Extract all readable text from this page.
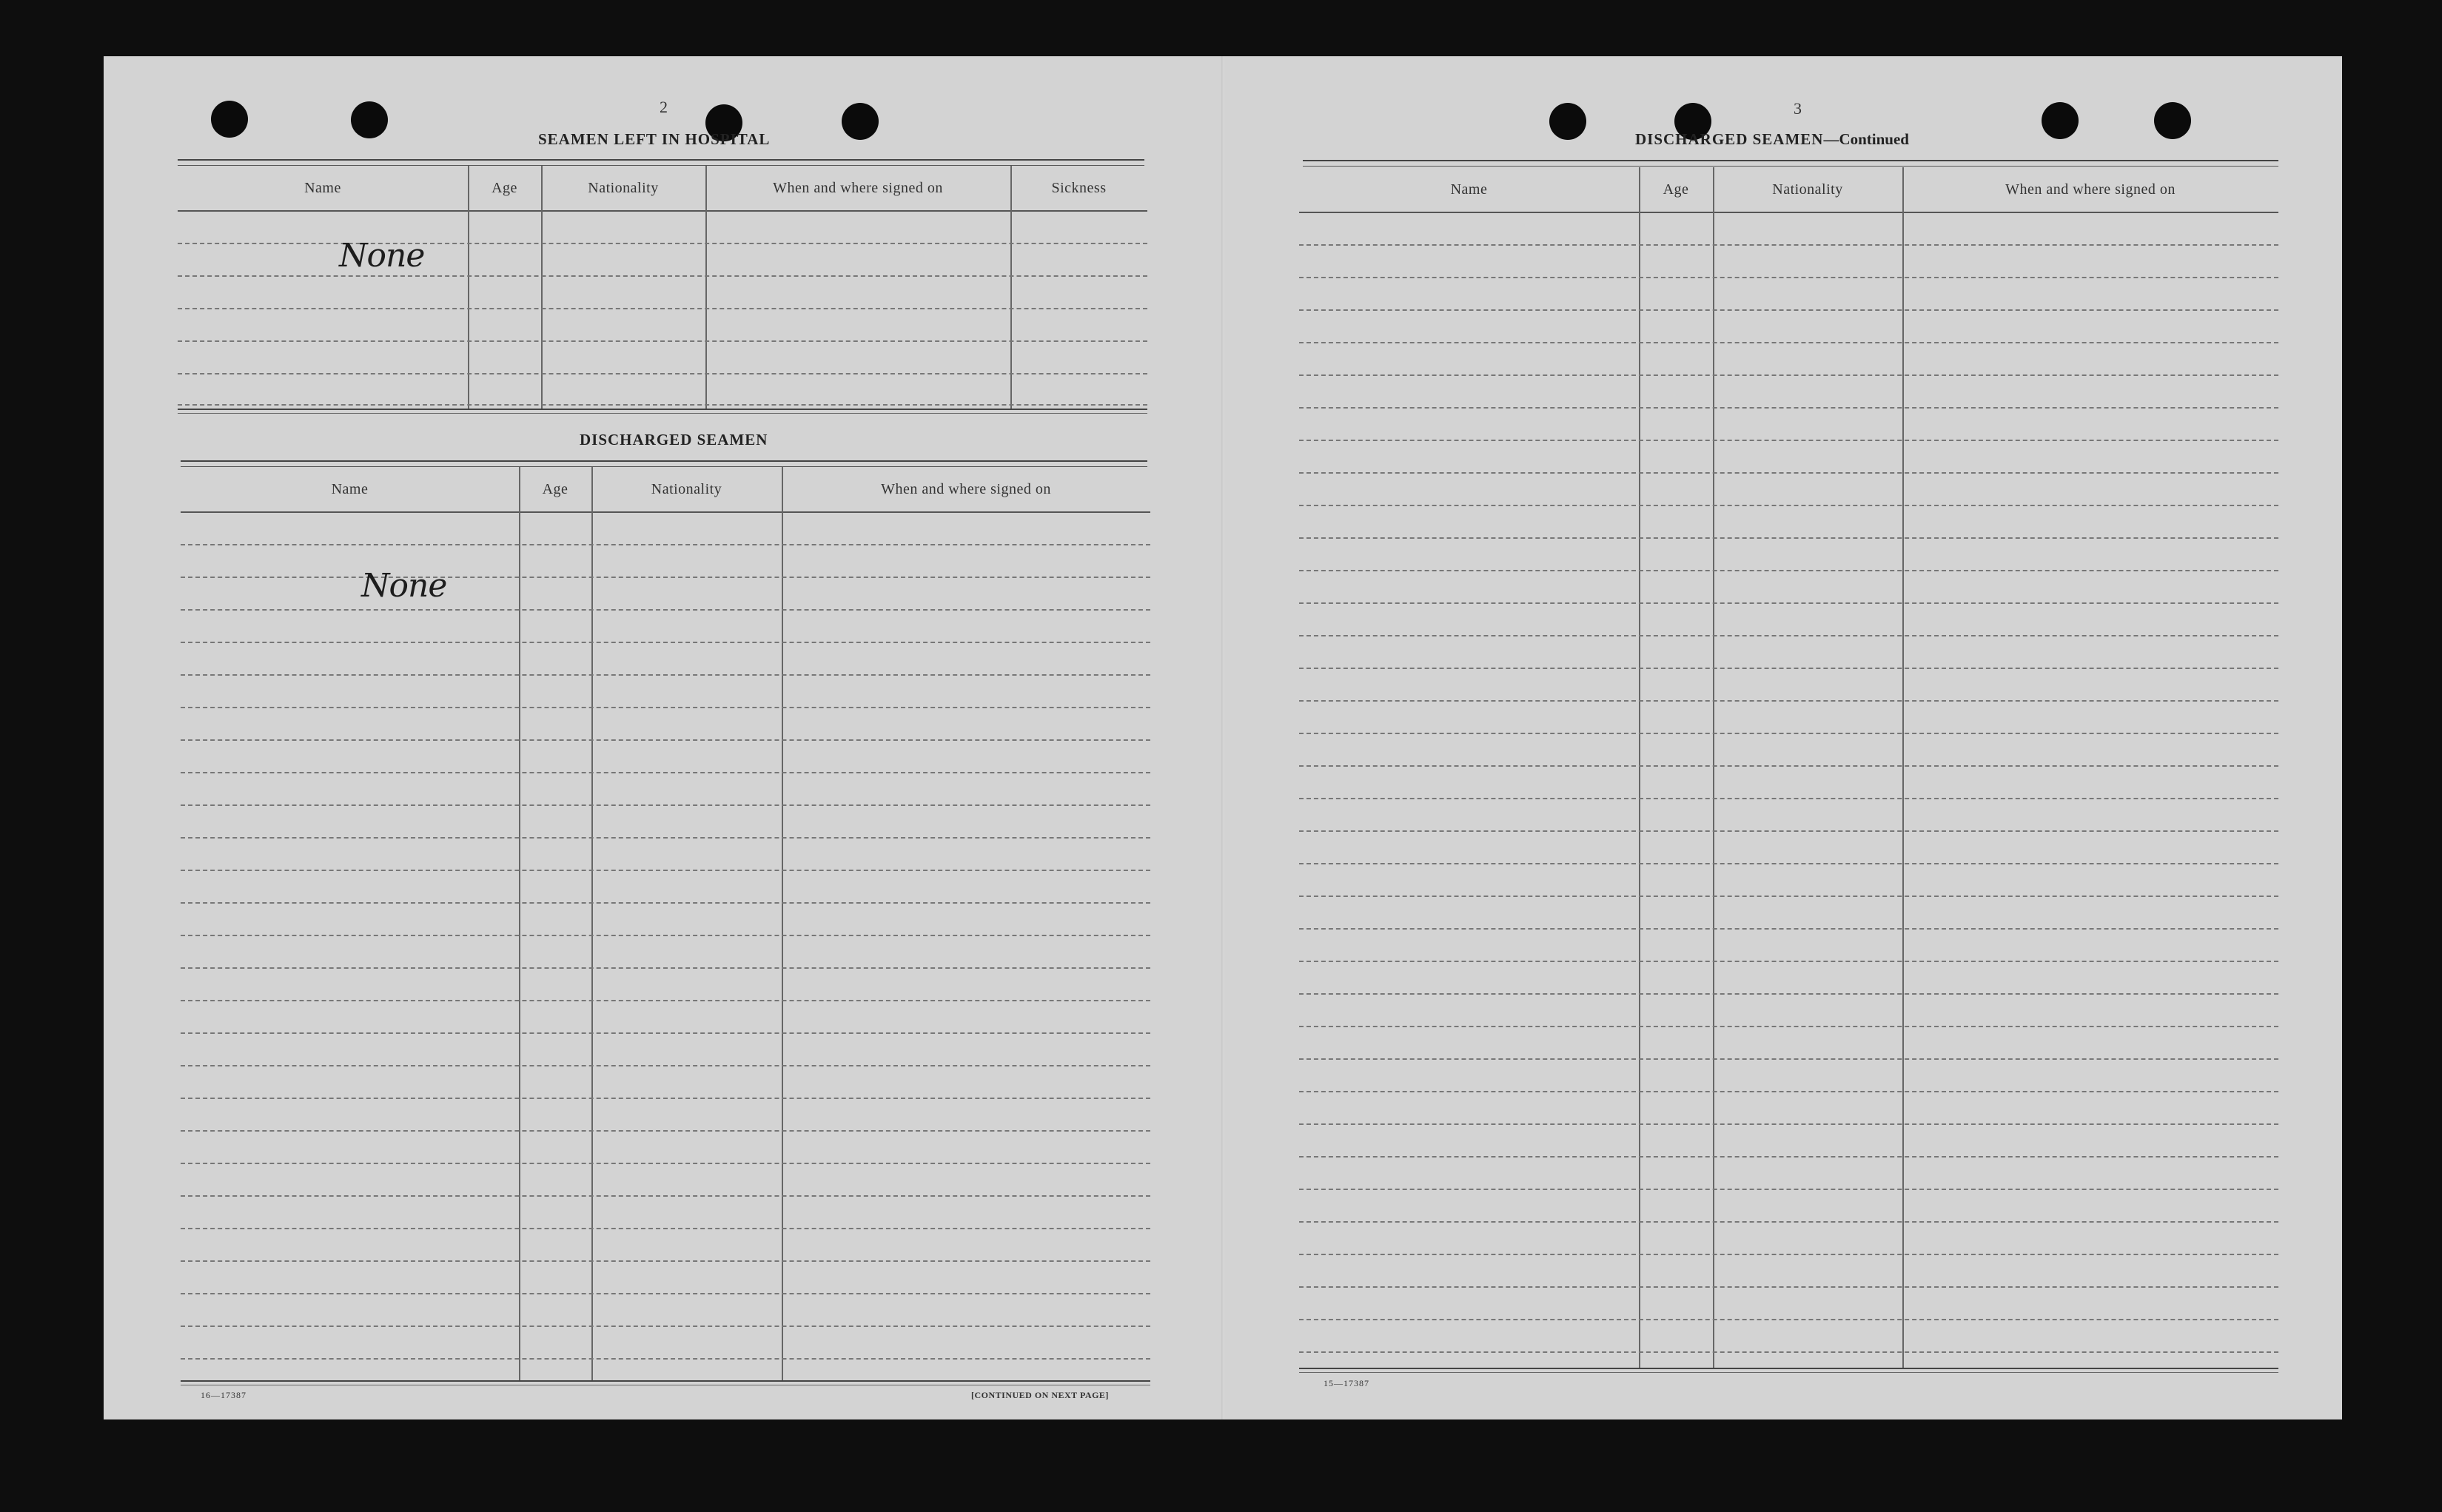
2
SEAMEN LEFT IN HOSPITAL
Name	Age	Nationality	When and where signed on	Sickness
None
DISCHARGED SEAMEN
Name	Age	Nationality	When and where signed on
None
16—17387	[CONTINUED ON NEXT PAGE]
3
DISCHARGED SEAMEN—Continued
Name	Age	Nationality	When and where signed on
15—17387
